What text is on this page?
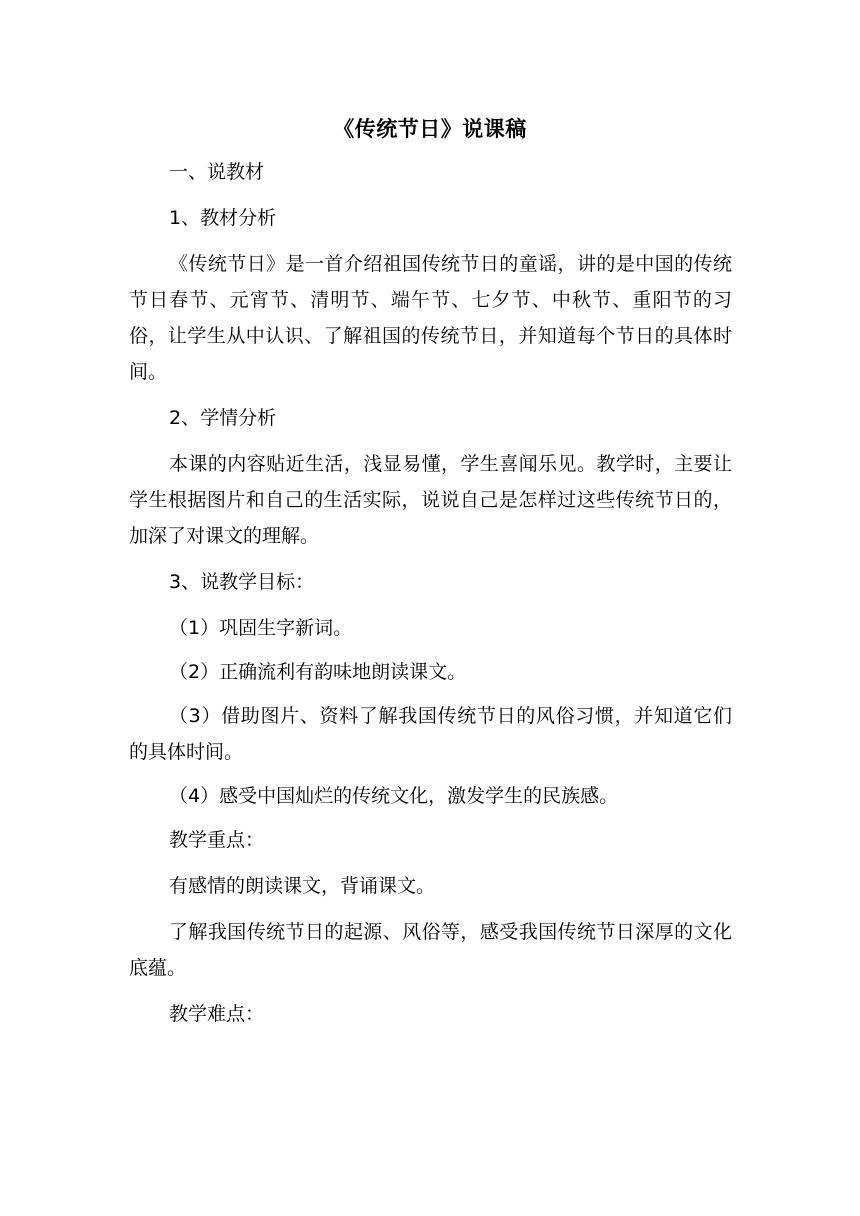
《传统节日》说课稿

一、说教材

1、教材分析

《传统节日》是一首介绍祖国传统节日的童谣，讲的是中国的传统节日春节、元宵节、清明节、端午节、七夕节、中秋节、重阳节的习俗，让学生从中认识、了解祖国的传统节日，并知道每个节日的具体时间。

2、学情分析

本课的内容贴近生活，浅显易懂，学生喜闻乐见。教学时，主要让学生根据图片和自己的生活实际，说说自己是怎样过这些传统节日的，加深了对课文的理解。

3、说教学目标：

（1）巩固生字新词。

（2）正确流利有韵味地朗读课文。

（3）借助图片、资料了解我国传统节日的风俗习惯，并知道它们的具体时间。

（4）感受中国灿烂的传统文化，激发学生的民族感。

教学重点：

有感情的朗读课文，背诵课文。

了解我国传统节日的起源、风俗等，感受我国传统节日深厚的文化底蕴。

教学难点：
